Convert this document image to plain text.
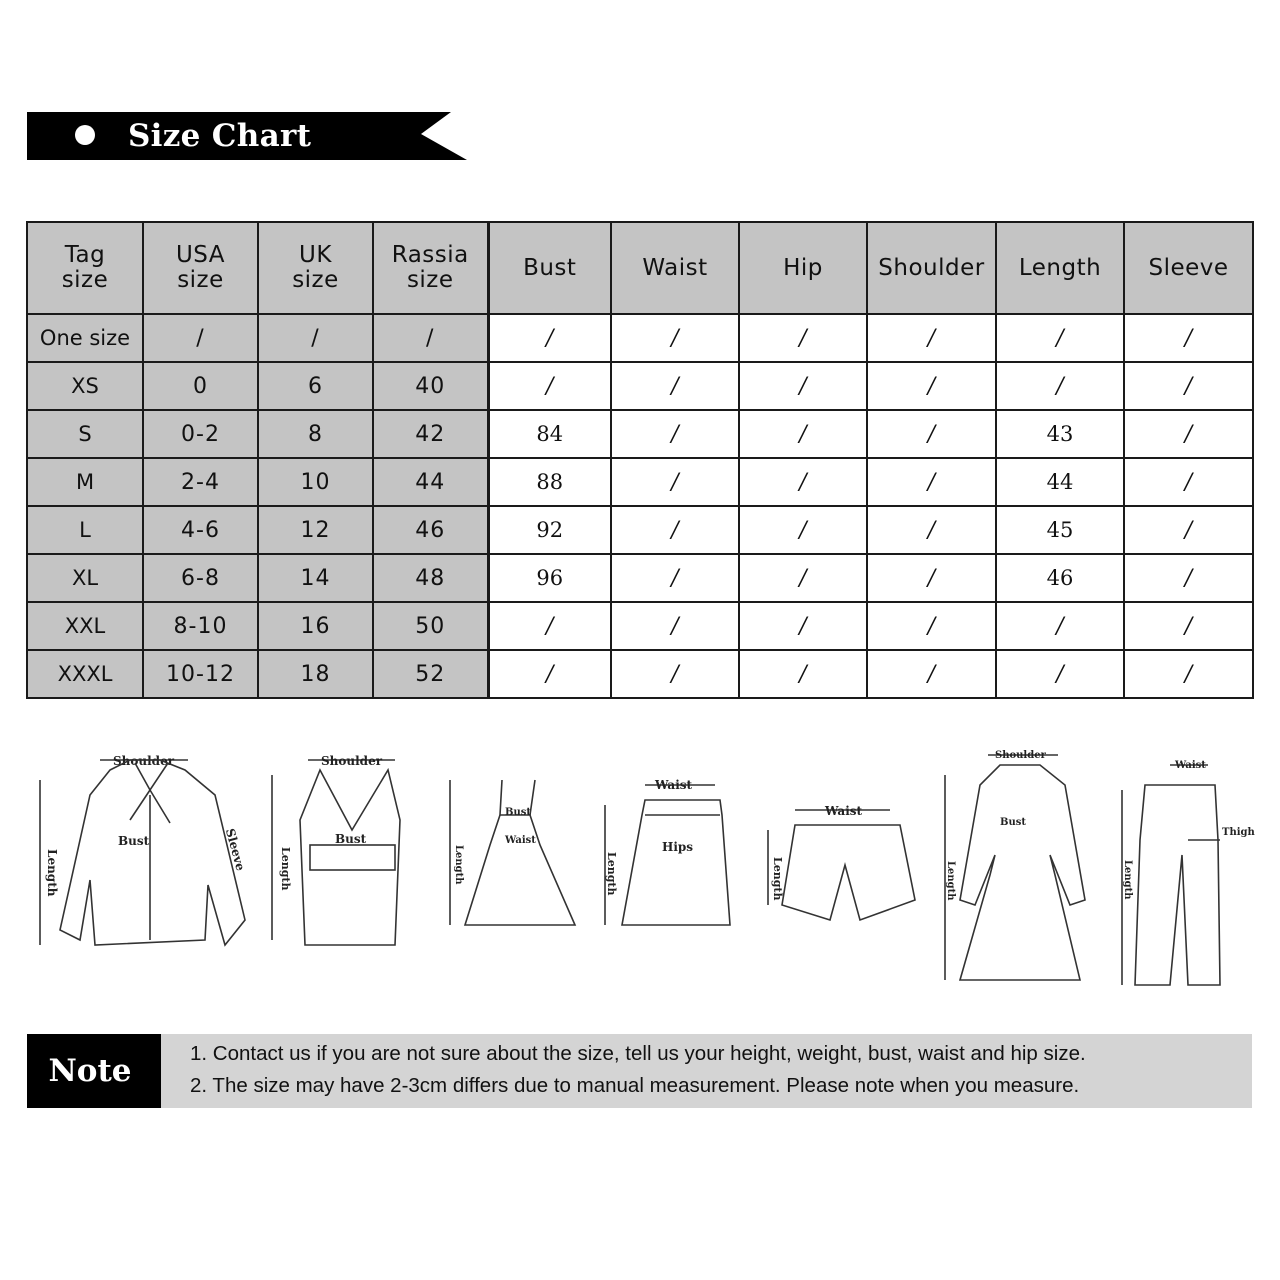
Size Chart
Tag size	USA size	UK size	Rassia size	Bust	Waist	Hip	Shoulder	Length	Sleeve
One size	/	/	/	/	/	/	/	/	/
XS	0	6	40	/	/	/	/	/	/
S	0-2	8	42	84	/	/	/	43	/
M	2-4	10	44	88	/	/	/	44	/
L	4-6	12	46	92	/	/	/	45	/
XL	6-8	14	48	96	/	/	/	46	/
XXL	8-10	16	50	/	/	/	/	/	/
XXXL	10-12	18	52	/	/	/	/	/	/
Shoulder
Length
Bust	Sleeve
Shoulder
Length
Bust
Length
Bust
Waist
Waist
Length
Hips
Waist
Length
Shoulder
Length
Bust
Waist
Length
Thigh
Note	1. Contact us if you are not sure about the size, tell us your height, weight, bust, waist and hip size.
2. The size may have 2-3cm differs due to manual measurement. Please note when you measure.
